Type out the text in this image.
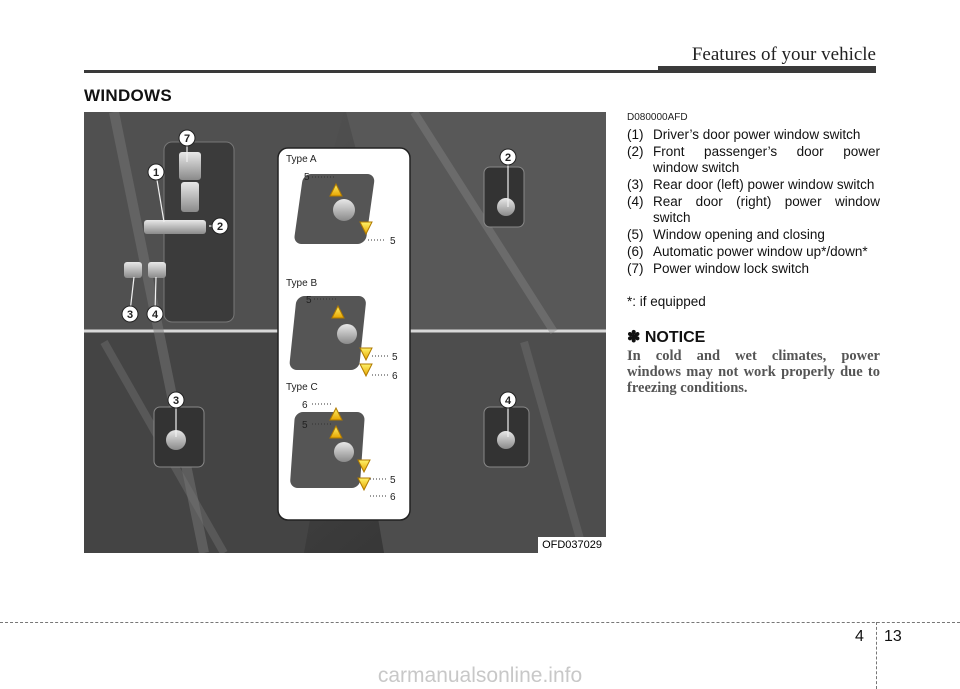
Features of your vehicle
WINDOWS
7
1
2
3 4
2
3	4
Type A
5
5
Type B
5
5
6
Type C
6
5
5
6
OFD037029
D080000AFD
(1) Driver’s door power window switch
(2) Front passenger’s door power window switch
(3) Rear door (left) power window switch
(4) Rear door (right) power window switch
(5) Window opening and closing
(6) Automatic power window up*/down*
(7) Power window lock switch
*: if equipped
✽ NOTICE
In cold and wet climates, power windows may not work properly due to freezing conditions.
4 13
carmanualsonline.info
